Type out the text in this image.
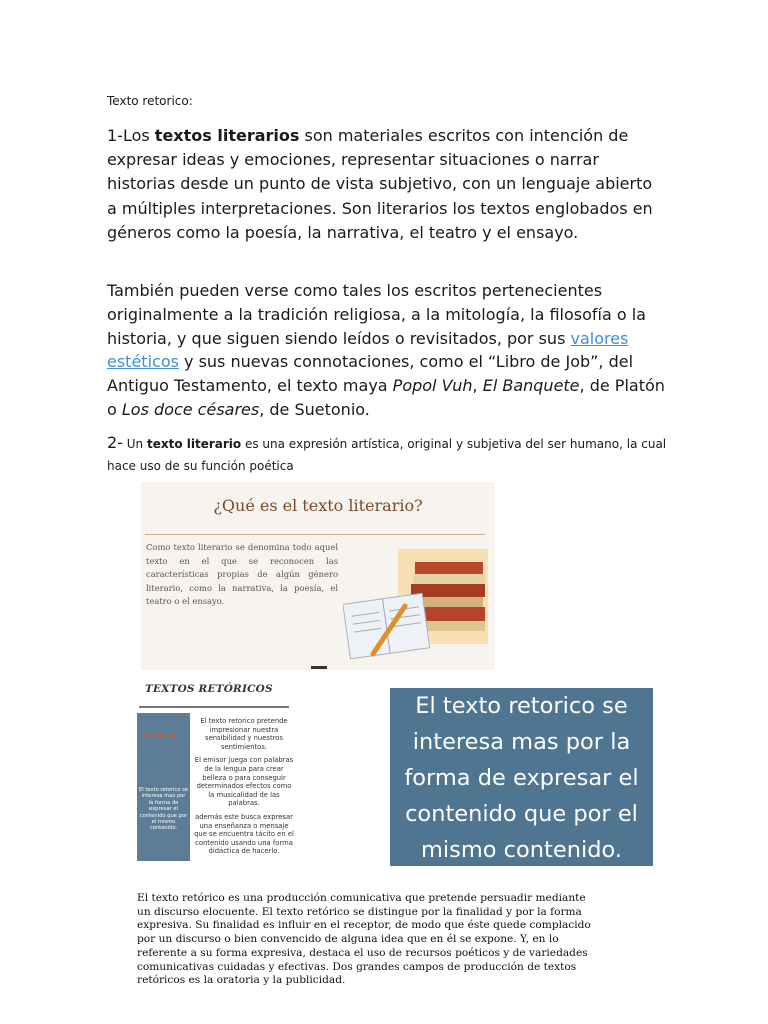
Texto retorico:
1-Los textos literarios son materiales escritos con intención de expresar ideas y emociones, representar situaciones o narrar historias desde un punto de vista subjetivo, con un lenguaje abierto a múltiples interpretaciones. Son literarios los textos englobados en géneros como la poesía, la narrativa, el teatro y el ensayo.
También pueden verse como tales los escritos pertenecientes originalmente a la tradición religiosa, a la mitología, la filosofía o la historia, y que siguen siendo leídos o revisitados, por sus valores estéticos y sus nuevas connotaciones, como el “Libro de Job”, del Antiguo Testamento, el texto maya Popol Vuh, El Banquete, de Platón o Los doce césares, de Suetonio.
2- Un texto literario es una expresión artística, original y subjetiva del ser humano, la cual hace uso de su función poética
¿Qué es el texto literario?
Como texto literario se denomina todo aquel texto en el que se reconocen las características propias de algún género literario, como la narrativa, la poesía, el teatro o el ensayo.
TEXTOS RETÓRICOS
RETÓRICA
El texto retorico se interesa mas por la forma de expresar el contenido que por el mismo contenido.

El texto retorico pretende impresionar nuestra sensibilidad y nuestros sentimientos.

El emisor juega con palabras de la lengua para crear belleza o para conseguir determinados efectos como la musicalidad de las palabras.

además este busca expresar una enseñanza o mensaje que se encuentra tácito en el contenido usando una forma didáctica de hacerlo.

El texto retorico se interesa mas por la forma de expresar el contenido que por el mismo contenido.
El texto retórico es una producción comunicativa que pretende persuadir mediante un discurso elocuente. El texto retórico se distingue por la finalidad y por la forma expresiva. Su finalidad es influir en el receptor, de modo que éste quede complacido por un discurso o bien convencido de alguna idea que en él se expone. Y, en lo referente a su forma expresiva, destaca el uso de recursos poéticos y de variedades comunicativas cuidadas y efectivas. Dos grandes campos de producción de textos retóricos es la oratoria y la publicidad.
